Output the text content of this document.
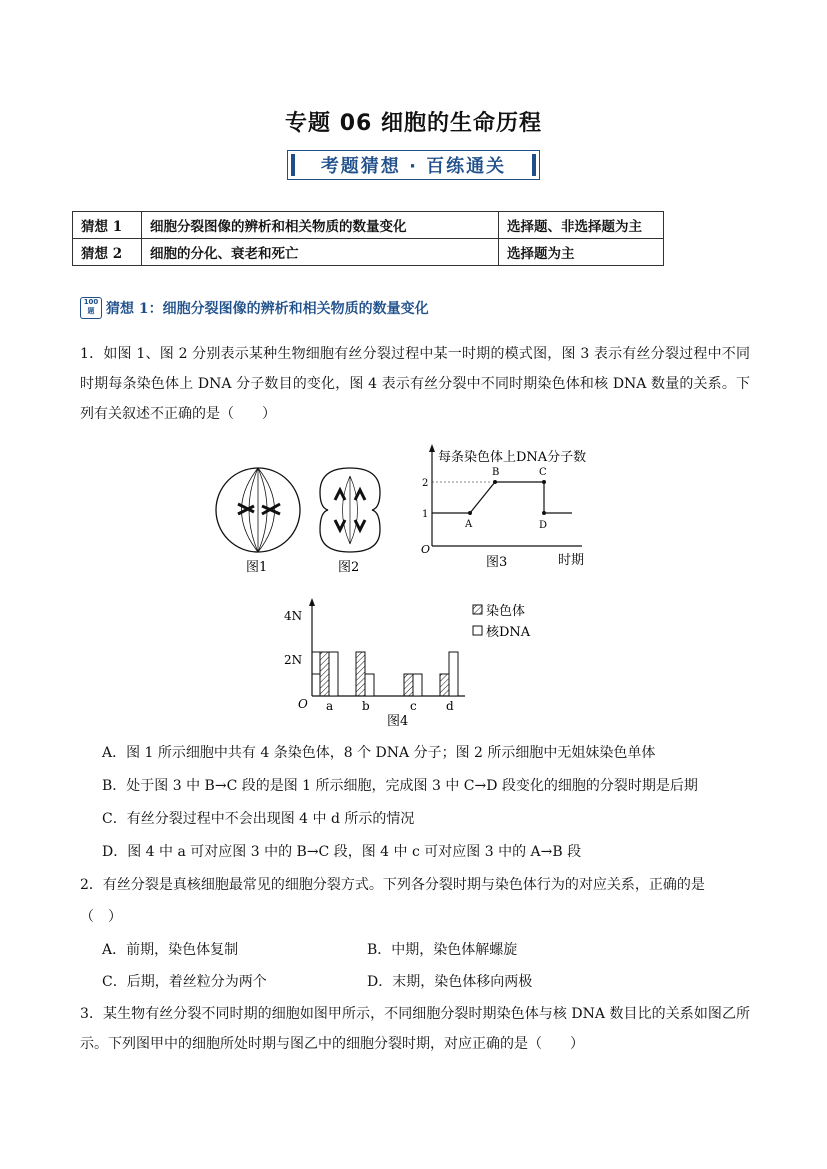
专题 06 细胞的生命历程
考题猜想 · 百练通关
猜想 1	细胞分裂图像的辨析和相关物质的数量变化	选择题、非选择题为主
猜想 2	细胞的分化、衰老和死亡	选择题为主
100 题 猜想 1：细胞分裂图像的辨析和相关物质的数量变化
1．如图 1、图 2 分别表示某种生物细胞有丝分裂过程中某一时期的模式图，图 3 表示有丝分裂过程中不同时期每条染色体上 DNA 分子数目的变化，图 4 表示有丝分裂中不同时期染色体和核 DNA 数量的关系。下列有关叙述不正确的是（　　）
图1	图2
每条染色体上DNA分子数
O
1
2
A
B	C
D
时期
图3
O
4N
2N
a b	c d
图4
染色体
核DNA
A．图 1 所示细胞中共有 4 条染色体，8 个 DNA 分子；图 2 所示细胞中无姐妹染色单体
B．处于图 3 中 B→C 段的是图 1 所示细胞，完成图 3 中 C→D 段变化的细胞的分裂时期是后期
C．有丝分裂过程中不会出现图 4 中 d 所示的情况
D．图 4 中 a 可对应图 3 中的 B→C 段，图 4 中 c 可对应图 3 中的 A→B 段
2．有丝分裂是真核细胞最常见的细胞分裂方式。下列各分裂时期与染色体行为的对应关系，正确的是
（　）
A．前期，染色体复制	B．中期，染色体解螺旋
C．后期，着丝粒分为两个	D．末期，染色体移向两极
3．某生物有丝分裂不同时期的细胞如图甲所示，不同细胞分裂时期染色体与核 DNA 数目比的关系如图乙所示。下列图甲中的细胞所处时期与图乙中的细胞分裂时期，对应正确的是（　　）
